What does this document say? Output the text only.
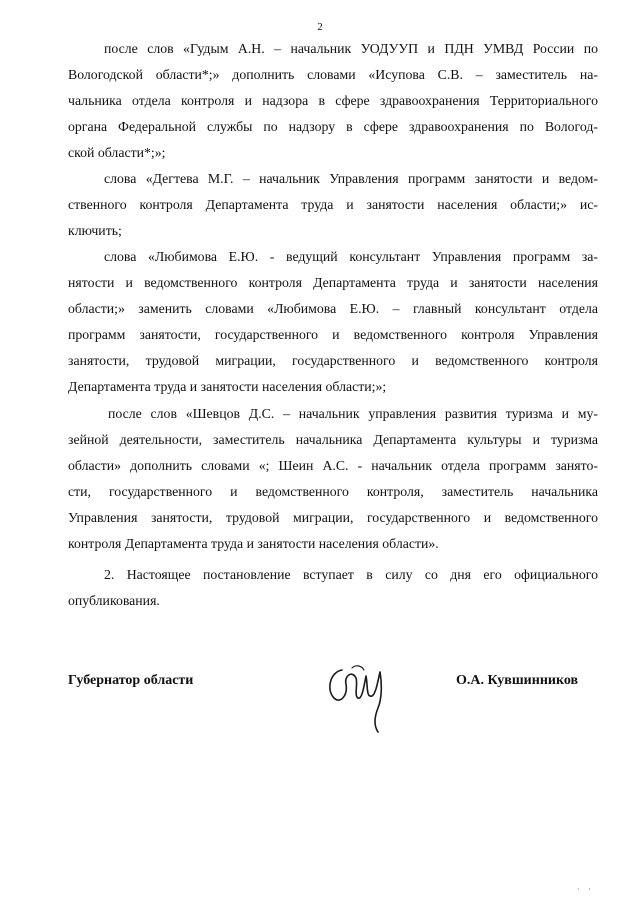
2
после слов «Гудым А.Н. – начальник УОДУУП и ПДН УМВД России по
Вологодской области*;» дополнить словами «Исупова С.В. – заместитель на-
чальника отдела контроля и надзора в сфере здравоохранения Территориального
органа Федеральной службы по надзору в сфере здравоохранения по Вологод-
ской области*;»;
слова «Дегтева М.Г. – начальник Управления программ занятости и ведом-
ственного контроля Департамента труда и занятости населения области;» ис-
ключить;
слова «Любимова Е.Ю. - ведущий консультант Управления программ за-
нятости и ведомственного контроля Департамента труда и занятости населения
области;» заменить словами «Любимова Е.Ю. – главный консультант отдела
программ занятости, государственного и ведомственного контроля Управления
занятости, трудовой миграции, государственного и ведомственного контроля
Департамента труда и занятости населения области;»;
после слов «Шевцов Д.С. – начальник управления развития туризма и му-
зейной деятельности, заместитель начальника Департамента культуры и туризма
области» дополнить словами «; Шеин А.С. - начальник отдела программ занято-
сти, государственного и ведомственного контроля, заместитель начальника
Управления занятости, трудовой миграции, государственного и ведомственного
контроля Департамента труда и занятости населения области».
2. Настоящее постановление вступает в силу со дня его официального
опубликования.
Губернатор области	О.А. Кувшинников
· ·
